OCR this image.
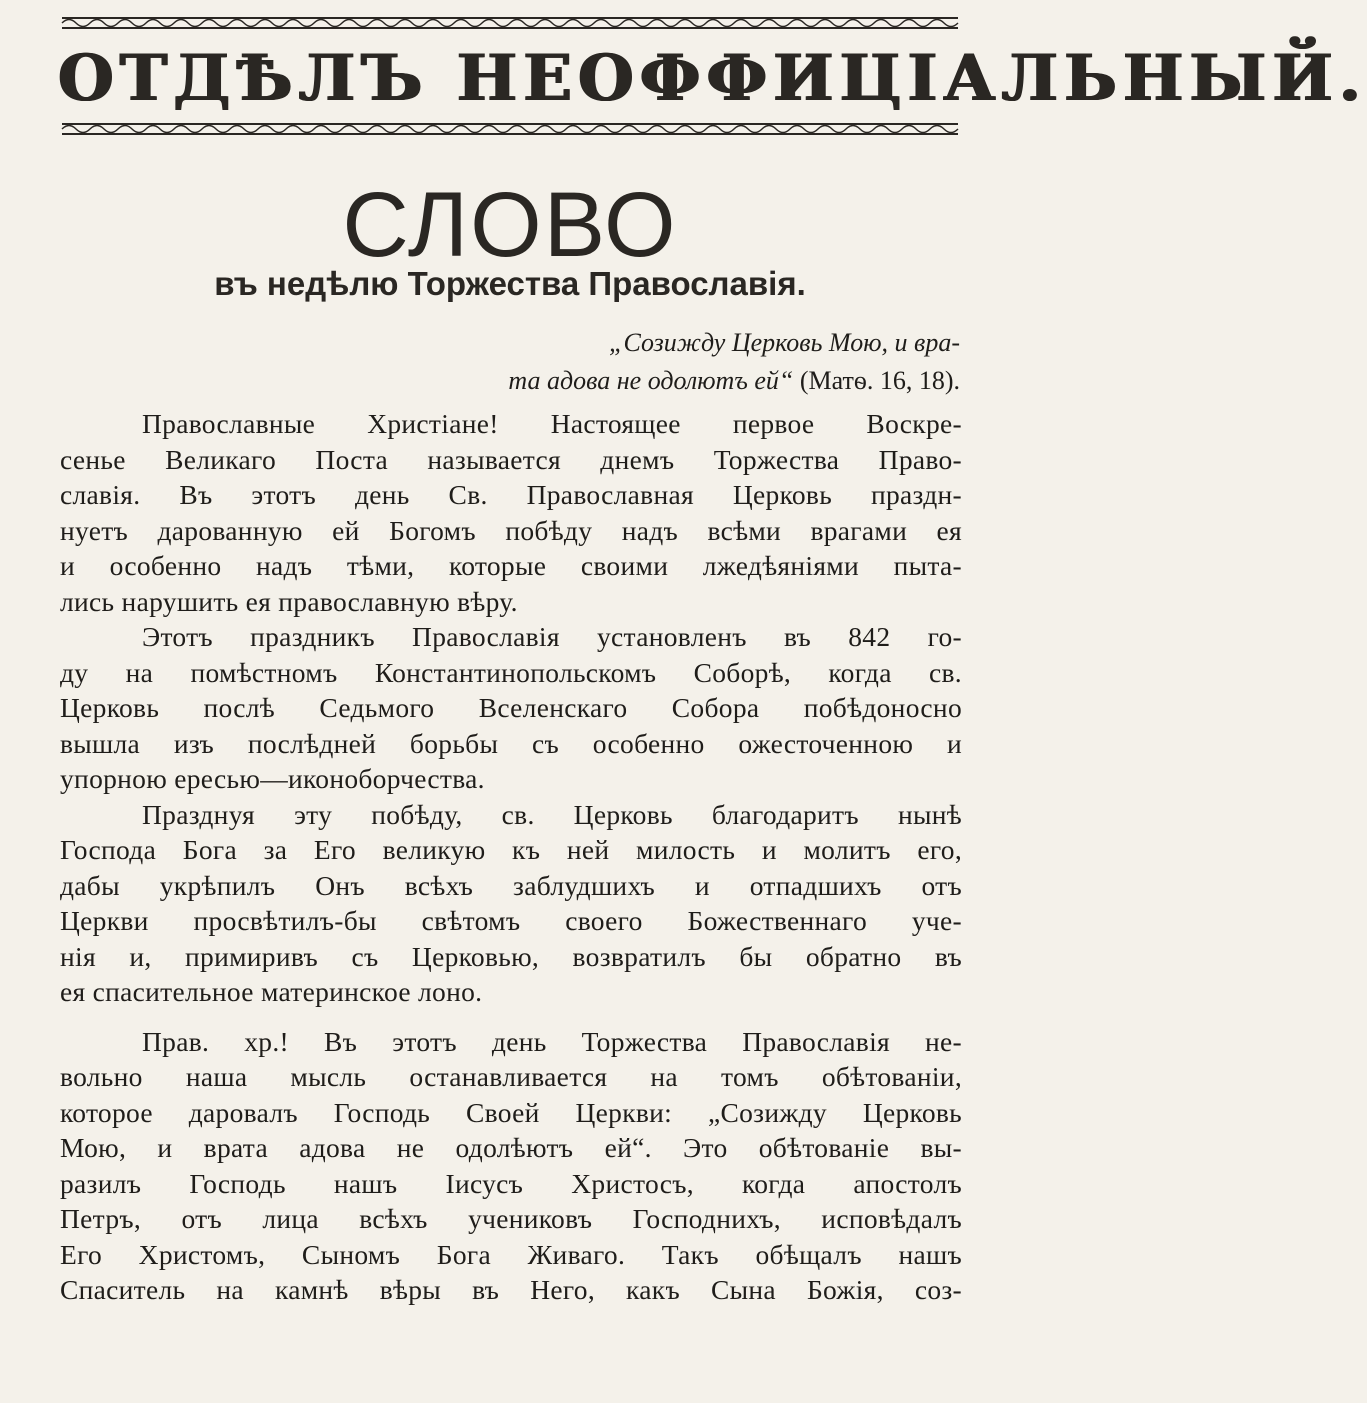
ОТДѢЛЪ НЕОФФИЦІАЛЬНЫЙ.
СЛОВО
въ недѣлю Торжества Православія.
„Созижду Церковь Мою, и вра-
та адова не одолютъ ей“ (Матѳ. 16, 18).

Православные Христіане! Настоящее первое Воскре-
сенье Великаго Поста называется днемъ Торжества Право-
славія. Въ этотъ день Св. Православная Церковь праздн-
нуетъ дарованную ей Богомъ побѣду надъ всѣми врагами ея
и особенно надъ тѣми, которые своими лжедѣяніями пыта-
лись нарушить ея православную вѣру.

Этотъ праздникъ Православія установленъ въ 842 го-
ду на помѣстномъ Константинопольскомъ Соборѣ, когда св.
Церковь послѣ Седьмого Вселенскаго Собора побѣдоносно
вышла изъ послѣдней борьбы съ особенно ожесточенною и
упорною ересью—иконоборчества.

Празднуя эту побѣду, св. Церковь благодаритъ нынѣ
Господа Бога за Его великую къ ней милость и молитъ его,
дабы укрѣпилъ Онъ всѣхъ заблудшихъ и отпадшихъ отъ
Церкви просвѣтилъ-бы свѣтомъ своего Божественнаго уче-
нія и, примиривъ съ Церковью, возвратилъ бы обратно въ
ея спасительное материнское лоно.

Прав. хр.! Въ этотъ день Торжества Православія не-
вольно наша мысль останавливается на томъ обѣтованіи,
которое даровалъ Господь Своей Церкви: „Созижду Церковь
Мою, и врата адова не одолѣютъ ей“. Это обѣтованіе вы-
разилъ Господь нашъ Іисусъ Христосъ, когда апостолъ
Петръ, отъ лица всѣхъ учениковъ Господнихъ, исповѣдалъ
Его Христомъ, Сыномъ Бога Живаго. Такъ обѣщалъ нашъ
Спаситель на камнѣ вѣры въ Него, какъ Сына Божія, соз-
